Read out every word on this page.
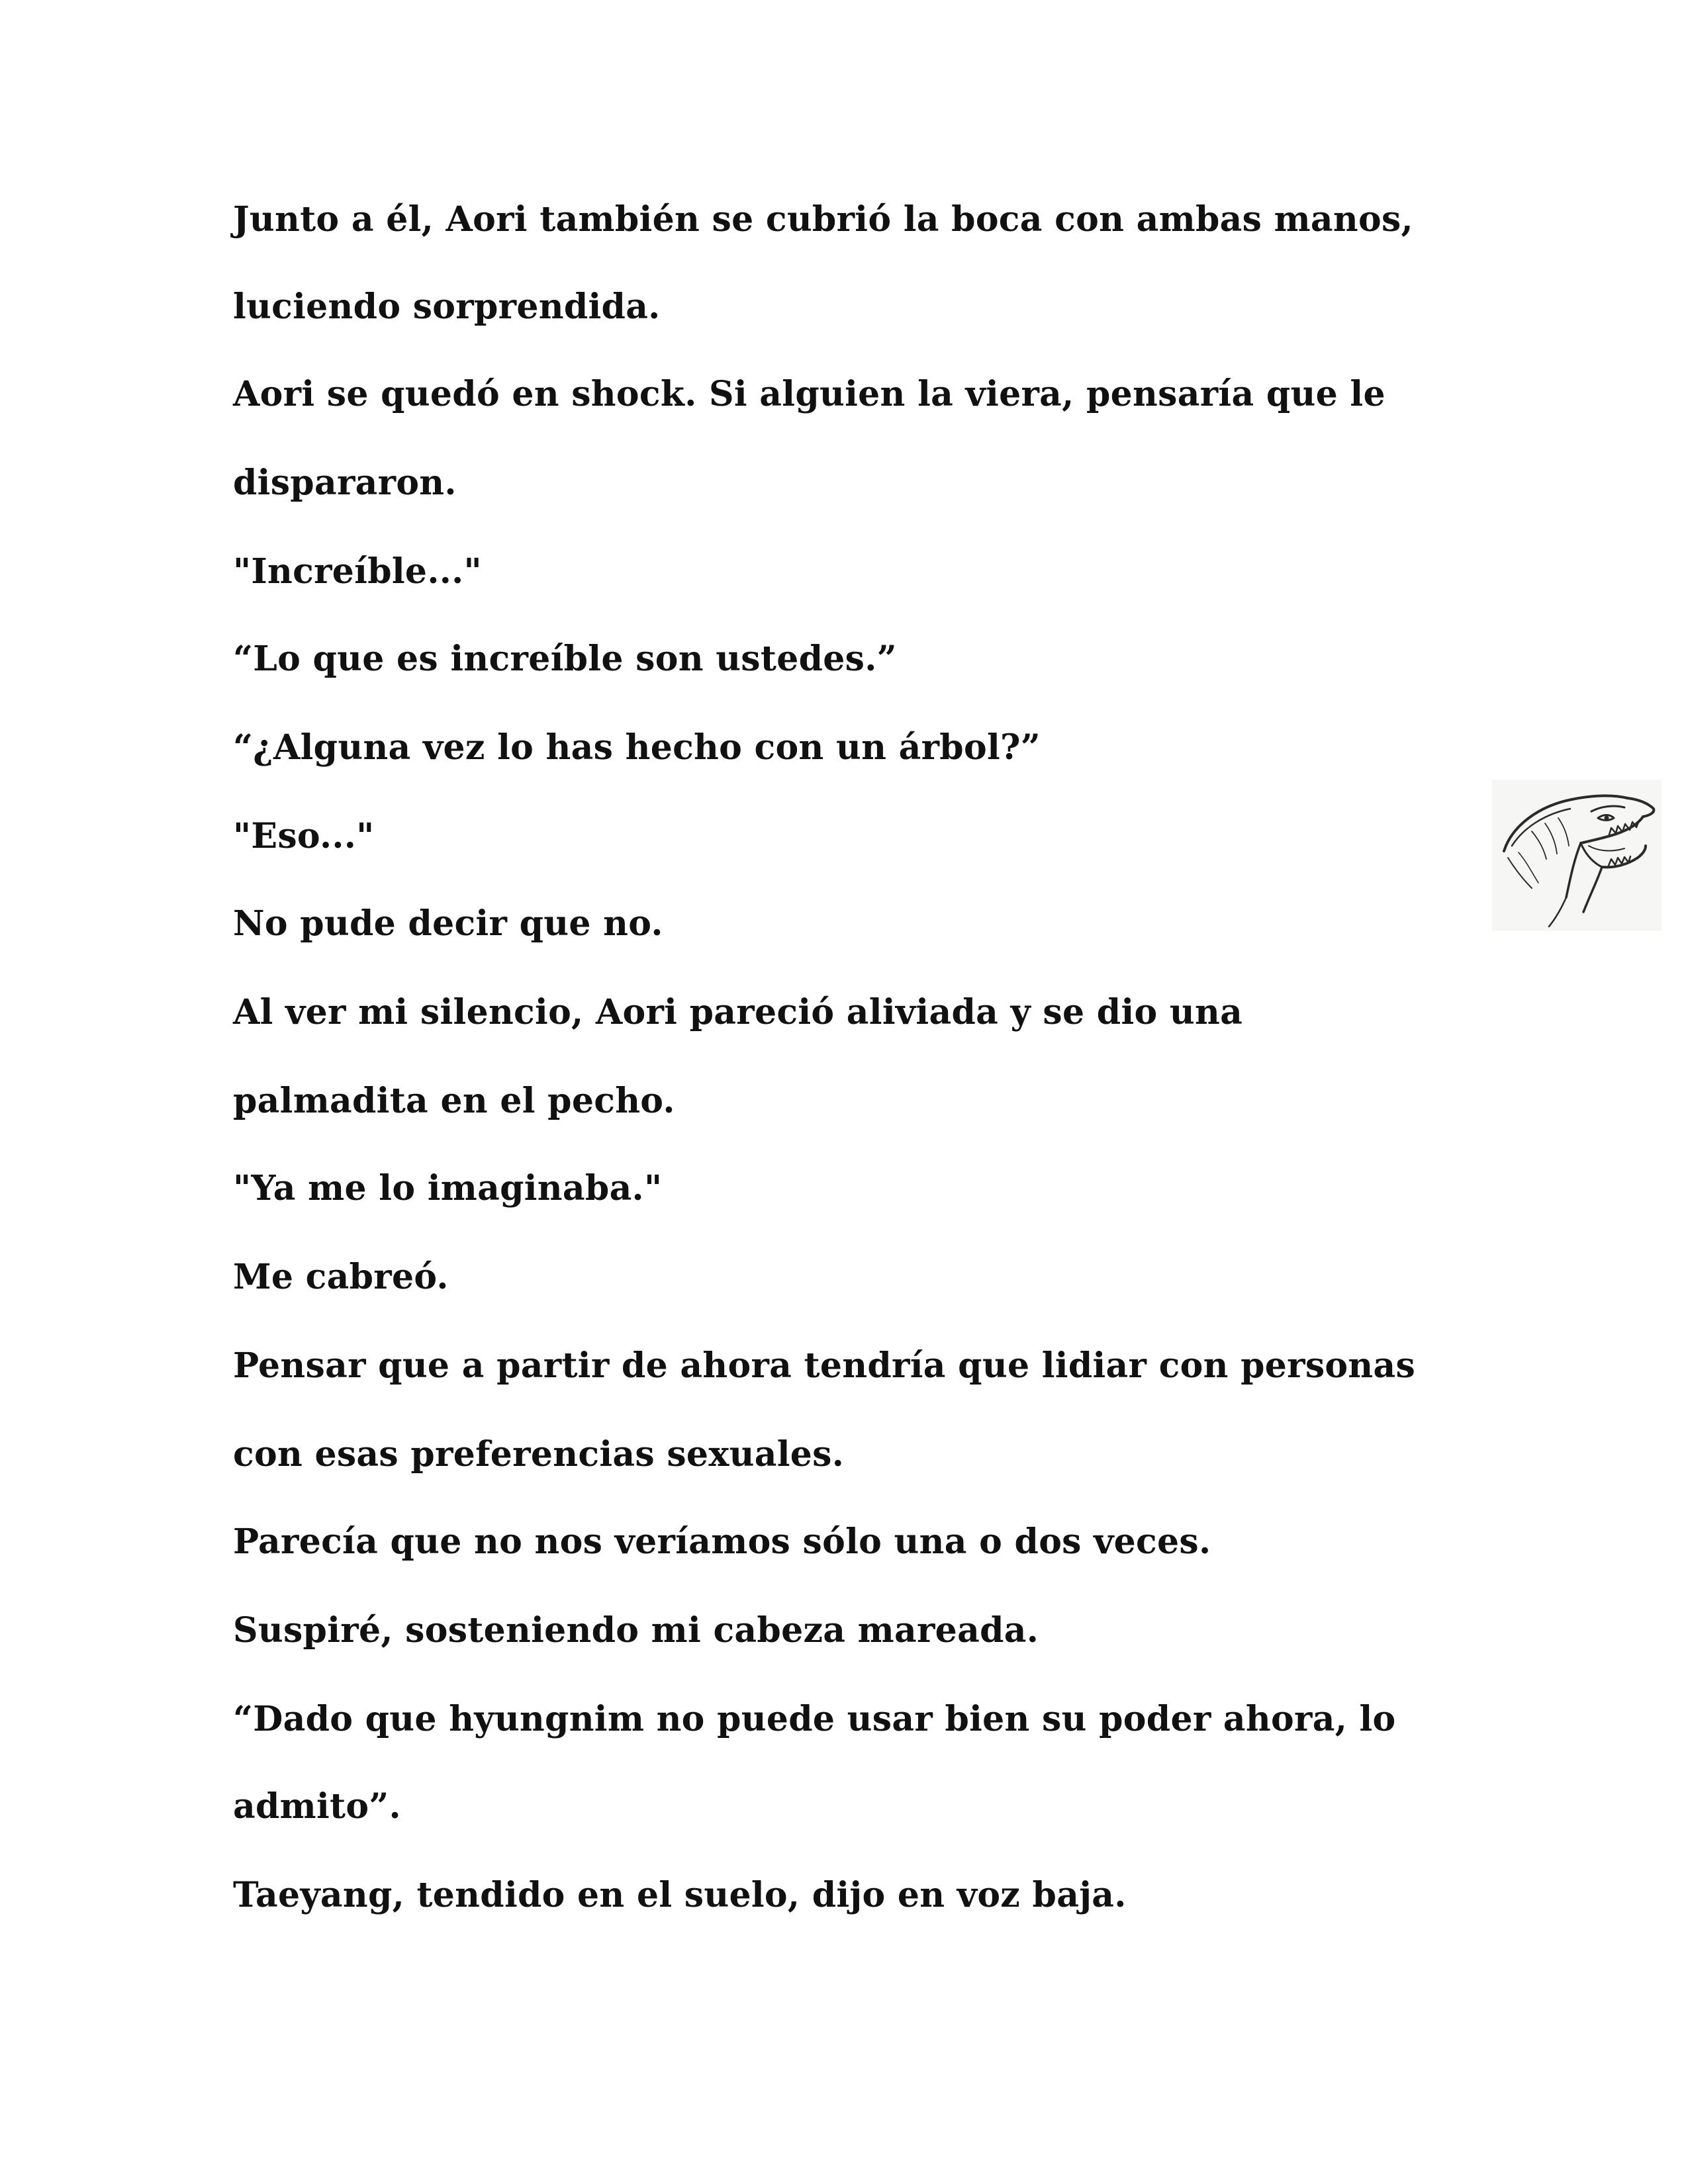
Junto a él, Aori también se cubrió la boca con ambas manos,

luciendo sorprendida.

Aori se quedó en shock. Si alguien la viera, pensaría que le

dispararon.

"Increíble..."

“Lo que es increíble son ustedes.”

“¿Alguna vez lo has hecho con un árbol?”

"Eso..."

No pude decir que no.

Al ver mi silencio, Aori pareció aliviada y se dio una

palmadita en el pecho.

"Ya me lo imaginaba."

Me cabreó.

Pensar que a partir de ahora tendría que lidiar con personas

con esas preferencias sexuales.

Parecía que no nos veríamos sólo una o dos veces.

Suspiré, sosteniendo mi cabeza mareada.

“Dado que hyungnim no puede usar bien su poder ahora, lo

admito”.

Taeyang, tendido en el suelo, dijo en voz baja.
